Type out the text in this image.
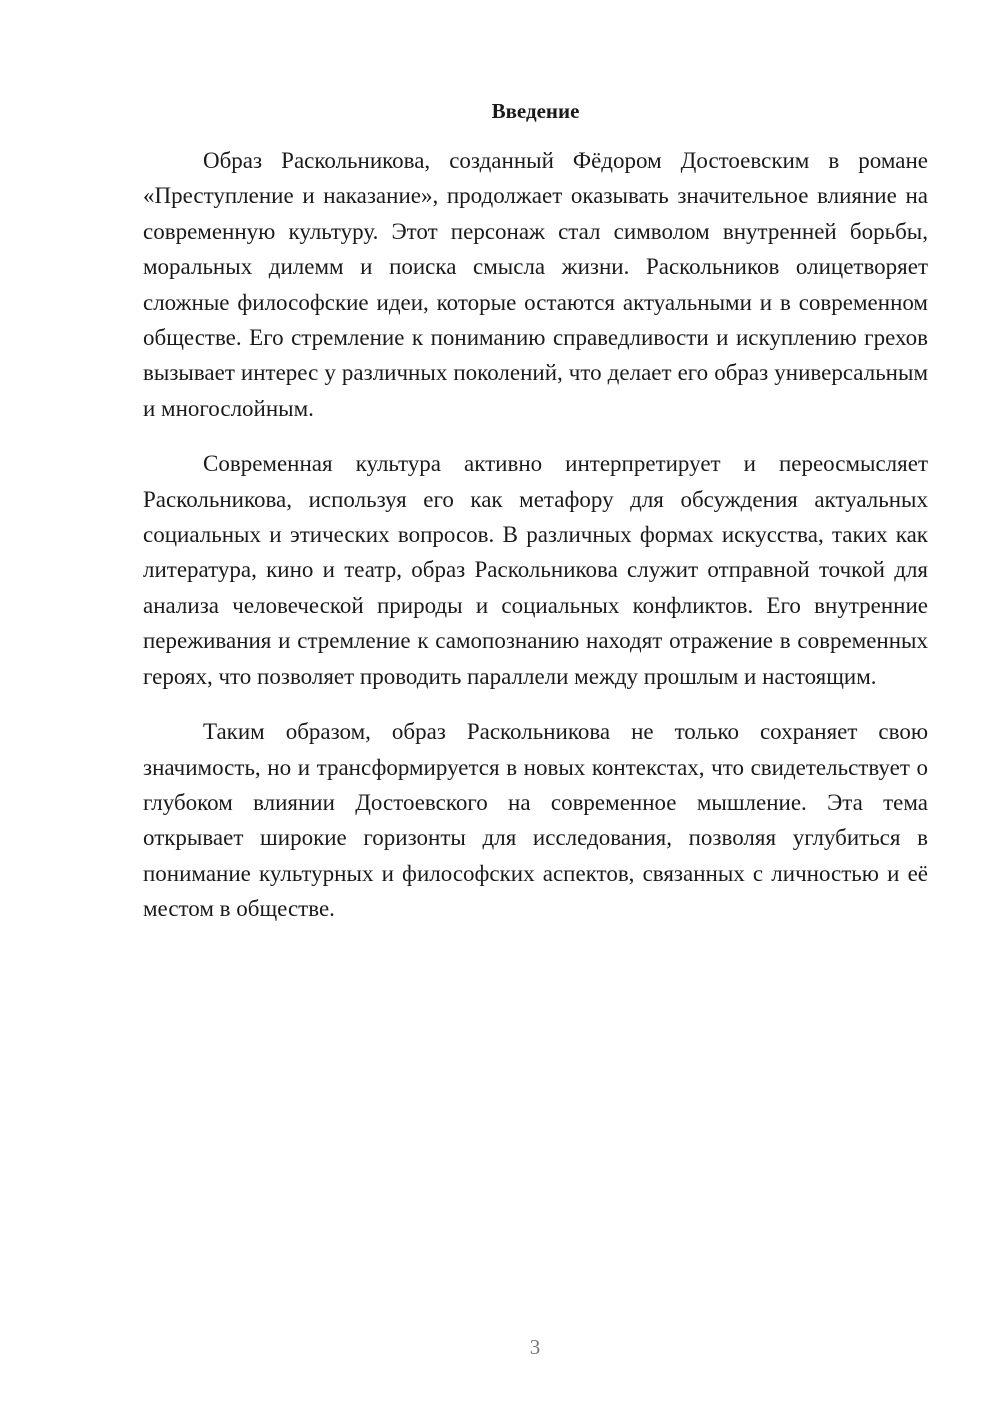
Введение

Образ Раскольникова, созданный Фёдором Достоевским в романе «Преступление и наказание», продолжает оказывать значительное влияние на современную культуру. Этот персонаж стал символом внутренней борьбы, моральных дилемм и поиска смысла жизни. Раскольников олицетворяет сложные философские идеи, которые остаются актуальными и в современном обществе. Его стремление к пониманию справедливости и искуплению грехов вызывает интерес у различных поколений, что делает его образ универсальным и многослойным.

Современная культура активно интерпретирует и переосмысляет Раскольникова, используя его как метафору для обсуждения актуальных социальных и этических вопросов. В различных формах искусства, таких как литература, кино и театр, образ Раскольникова служит отправной точкой для анализа человеческой природы и социальных конфликтов. Его внутренние переживания и стремление к самопознанию находят отражение в современных героях, что позволяет проводить параллели между прошлым и настоящим.

Таким образом, образ Раскольникова не только сохраняет свою значимость, но и трансформируется в новых контекстах, что свидетельствует о глубоком влиянии Достоевского на современное мышление. Эта тема открывает широкие горизонты для исследования, позволяя углубиться в понимание культурных и философских аспектов, связанных с личностью и её местом в обществе.

3
